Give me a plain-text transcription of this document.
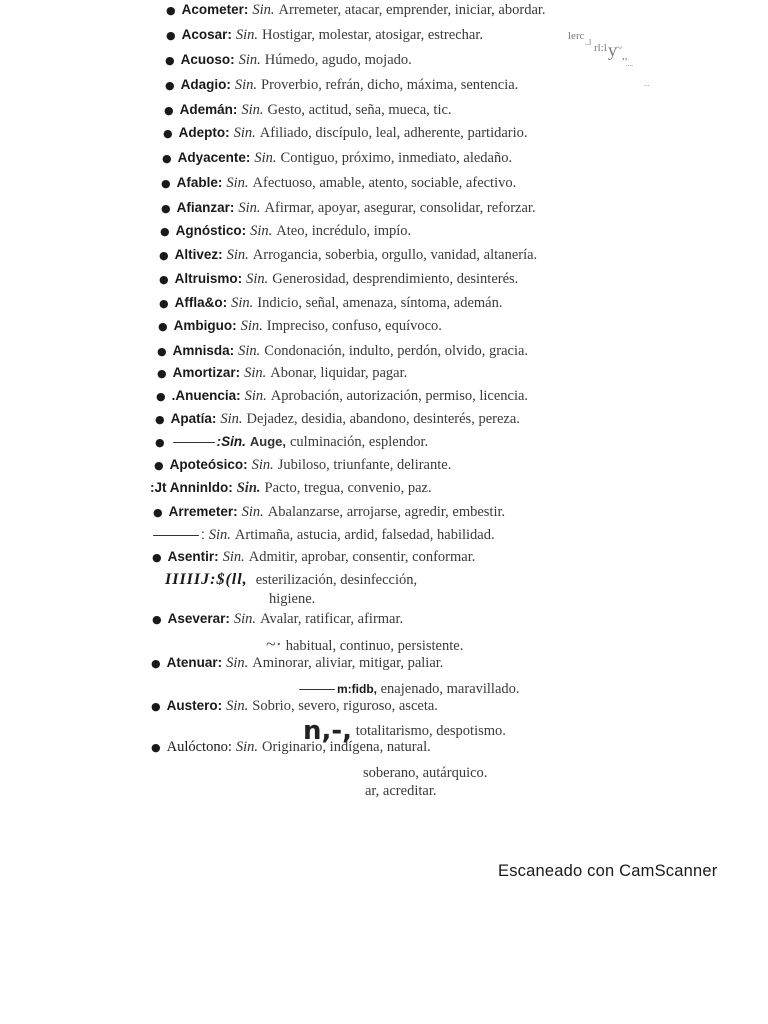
● Acometer: Sin. Arremeter, atacar, emprender, iniciar, abordar.
● Acosar: Sin. Hostigar, molestar, atosigar, estrechar.
● Acuoso: Sin. Húmedo, agudo, mojado.
● Adagio: Sin. Proverbio, refrán, dicho, máxima, sentencia.
● Ademán: Sin. Gesto, actitud, seña, mueca, tic.
● Adepto: Sin. Afiliado, discípulo, leal, adherente, partidario.
● Adyacente: Sin. Contiguo, próximo, inmediato, aledaño.
● Afable: Sin. Afectuoso, amable, atento, sociable, afectivo.
● Afianzar: Sin. Afirmar, apoyar, asegurar, consolidar, reforzar.
● Agnóstico: Sin. Ateo, incrédulo, impío.
● Altivez: Sin. Arrogancia, soberbia, orgullo, vanidad, altanería.
● Altruismo: Sin. Generosidad, desprendimiento, desinterés.
● Affla&o: Sin. Indicio, señal, amenaza, síntoma, ademán.
● Ambiguo: Sin. Impreciso, confuso, equívoco.
● Amnisda: Sin. Condonación, indulto, perdón, olvido, gracia.
● Amortizar: Sin. Abonar, liquidar, pagar.
● .Anuencia: Sin. Aprobación, autorización, permiso, licencia.
● Apatía: Sin. Dejadez, desidia, abandono, desinterés, pereza.
●	:Sin. Auge, culminación, esplendor.
● Apoteósico: Sin. Jubiloso, triunfante, delirante.
:Jt Anninldo: Sin. Pacto, tregua, convenio, paz.
● Arremeter: Sin. Abalanzarse, arrojarse, agredir, embestir.
: Sin. Artimaña, astucia, ardid, falsedad, habilidad.
● Asentir: Sin. Admitir, aprobar, consentir, conformar.
IIIIIJ:$(ll, esterilización, desinfección,
higiene.
● Aseverar: Sin. Avalar, ratificar, afirmar.
~· habitual, continuo, persistente.
● Atenuar: Sin. Aminorar, aliviar, mitigar, paliar.
m:fidb, enajenado, maravillado.
● Austero: Sin. Sobrio, severo, riguroso, asceta.
n,-, totalitarismo, despotismo.
● Aulóctono: Sin. Originario, indígena, natural.
soberano, autárquico.
ar, acreditar.
lerc
..l rl:l y ~
,,
....
...
Escaneado con CamScanner
